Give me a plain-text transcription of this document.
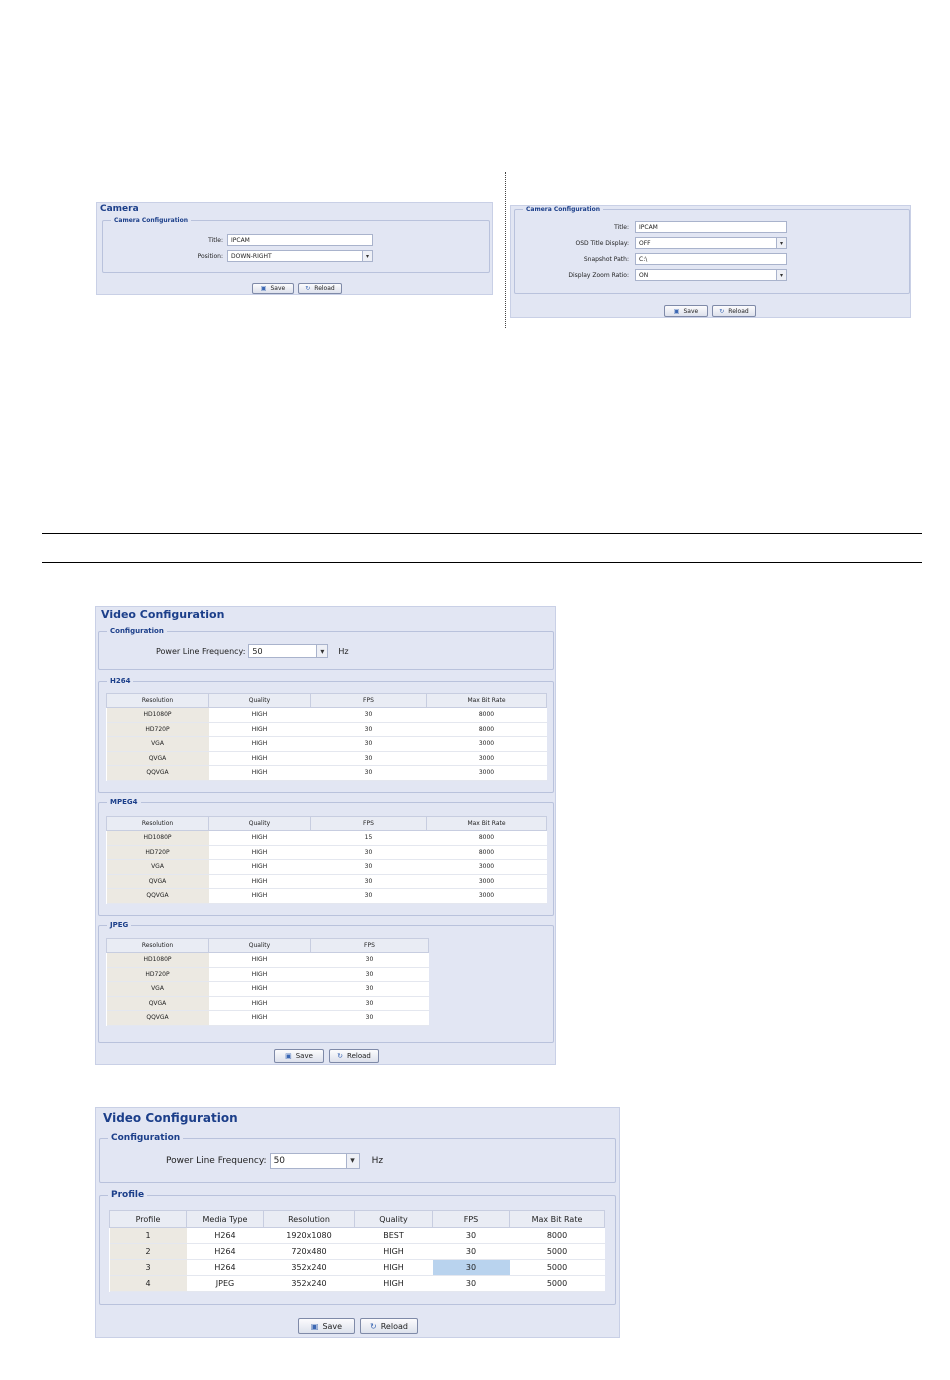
Camera
Camera Configuration
Title:	IPCAM
Position: DOWN-RIGHT	▾
▣ Save	↻ Reload
Camera Configuration
Title:	IPCAM
OSD Title Display: OFF	▾
Snapshot Path:	C:\
Display Zoom Ratio: ON	▾
▣ Save	↻ Reload
Video Configuration
Configuration
Power Line Frequency: 50	▾	Hz
H264
Resolution	Quality	FPS	Max Bit Rate
HD1080P	HIGH	30	8000
HD720P	HIGH	30	8000
VGA	HIGH	30	3000
QVGA	HIGH	30	3000
QQVGA	HIGH	30	3000
MPEG4
Resolution	Quality	FPS	Max Bit Rate
HD1080P	HIGH	15	8000
HD720P	HIGH	30	8000
VGA	HIGH	30	3000
QVGA	HIGH	30	3000
QQVGA	HIGH	30	3000
JPEG
Resolution	Quality	FPS
HD1080P	HIGH	30
HD720P	HIGH	30
VGA	HIGH	30
QVGA	HIGH	30
QQVGA	HIGH	30
▣ Save	↻ Reload
Video Configuration
Configuration
Power Line Frequency: 50	▾	Hz
Profile
Profile	Media Type	Resolution	Quality	FPS	Max Bit Rate
1	H264	1920x1080	BEST	30	8000
2	H264	720x480	HIGH	30	5000
3	H264	352x240	HIGH	30	5000
4	JPEG	352x240	HIGH	30	5000
▣ Save	↻ Reload
